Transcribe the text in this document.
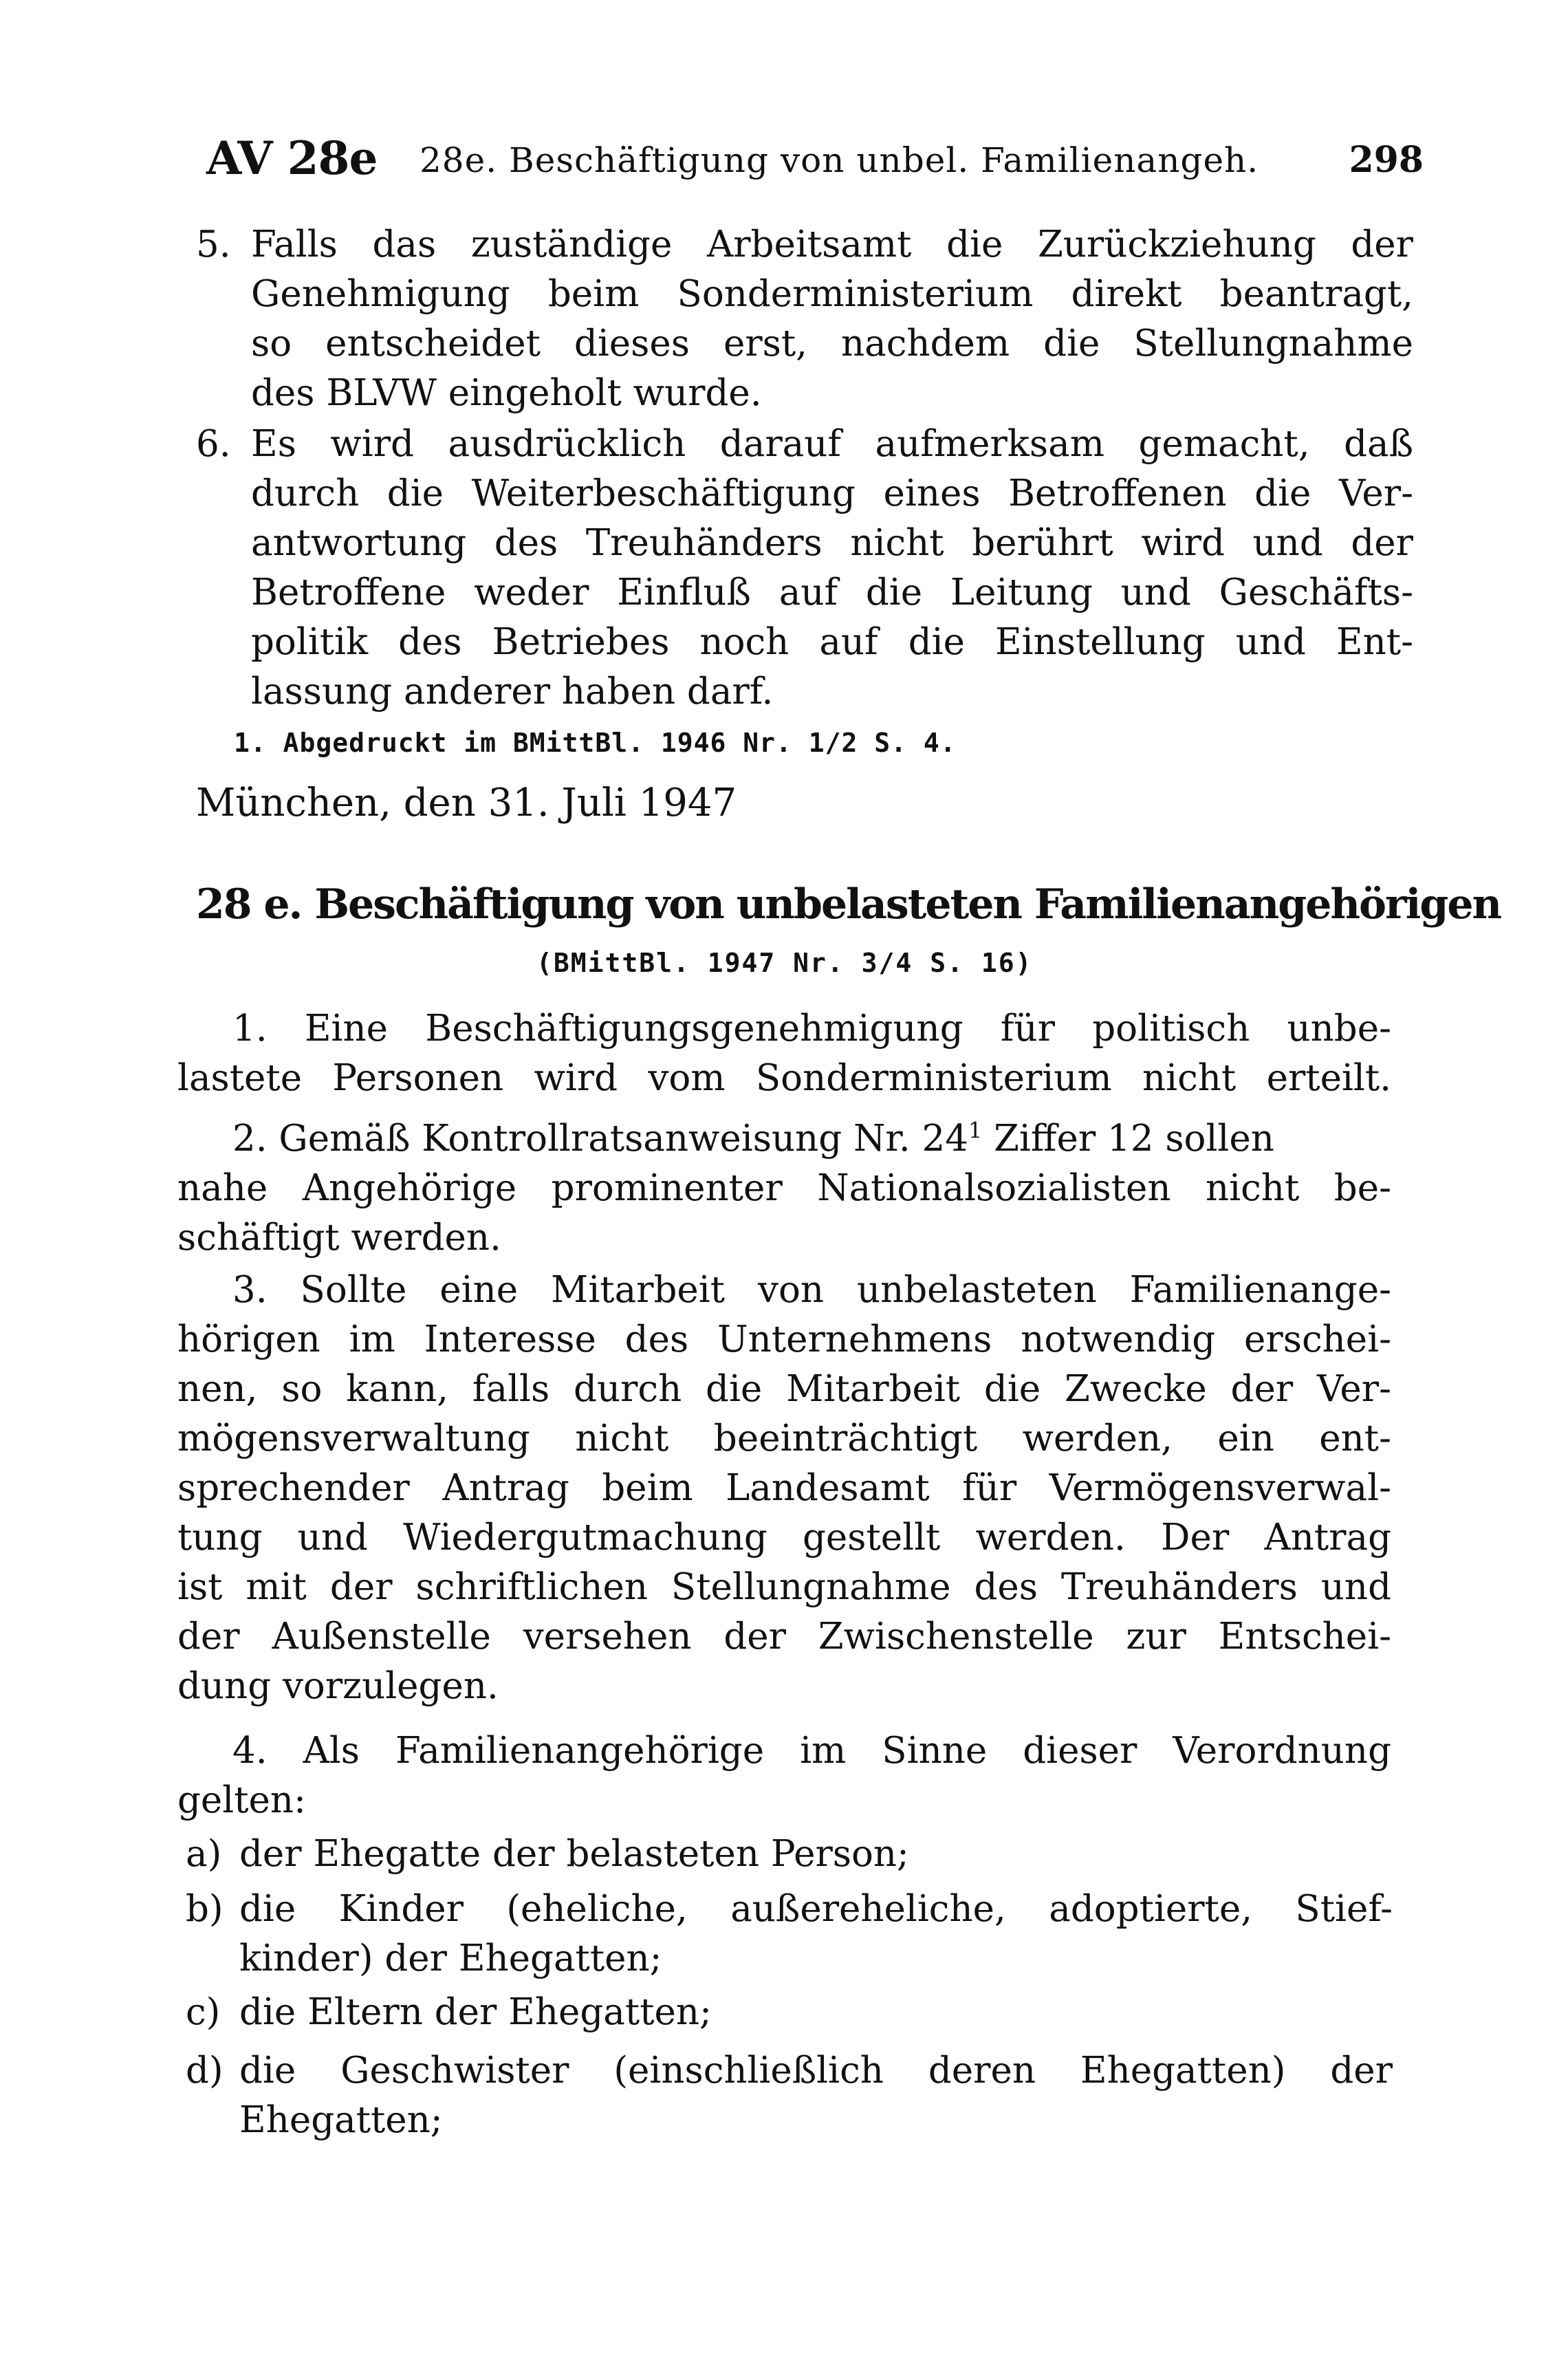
AV 28e 28e. Beschäftigung von unbel. Familienangeh.	298
5. Falls das zuständige Arbeitsamt die Zurückziehung der
Genehmigung beim Sonderministerium direkt beantragt,
so entscheidet dieses erst, nachdem die Stellungnahme
des BLVW eingeholt wurde.
6. Es wird ausdrücklich darauf aufmerksam gemacht, daß
durch die Weiterbeschäftigung eines Betroffenen die Ver-
antwortung des Treuhänders nicht berührt wird und der
Betroffene weder Einfluß auf die Leitung und Geschäfts-
politik des Betriebes noch auf die Einstellung und Ent-
lassung anderer haben darf.
1. Abgedruckt im BMittBl. 1946 Nr. 1/2 S. 4.
München, den 31. Juli 1947
28 e. Beschäftigung von unbelasteten Familienangehörigen
(BMittBl. 1947 Nr. 3/4 S. 16)
1. Eine Beschäftigungsgenehmigung für politisch unbe-
lastete Personen wird vom Sonderministerium nicht erteilt.
2. Gemäß Kontrollratsanweisung Nr. $24^1$ Ziffer 12 sollen
nahe Angehörige prominenter Nationalsozialisten nicht be-
schäftigt werden.
3. Sollte eine Mitarbeit von unbelasteten Familienange-
hörigen im Interesse des Unternehmens notwendig erschei-
nen, so kann, falls durch die Mitarbeit die Zwecke der Ver-
mögensverwaltung nicht beeinträchtigt werden, ein ent-
sprechender Antrag beim Landesamt für Vermögensverwal-
tung und Wiedergutmachung gestellt werden. Der Antrag
ist mit der schriftlichen Stellungnahme des Treuhänders und
der Außenstelle versehen der Zwischenstelle zur Entschei-
dung vorzulegen.
4. Als Familienangehörige im Sinne dieser Verordnung
gelten:
a) der Ehegatte der belasteten Person;
b) die Kinder (eheliche, außereheliche, adoptierte, Stief-
kinder) der Ehegatten;
c) die Eltern der Ehegatten;
d) die Geschwister (einschließlich deren Ehegatten) der
Ehegatten;
